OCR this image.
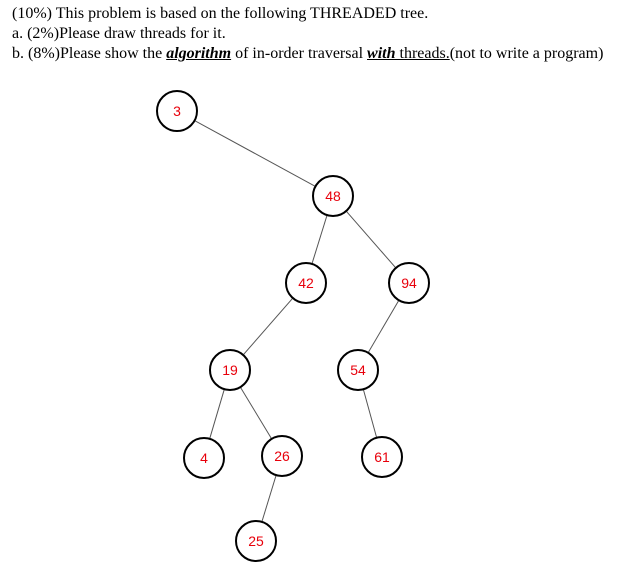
(10%) This problem is based on the following THREADED tree.
a. (2%)Please draw threads for it.
b. (8%)Please show the algorithm of in-order traversal with threads.(not to write a program)
3
48
42	94
19	54
4	26	61
25
